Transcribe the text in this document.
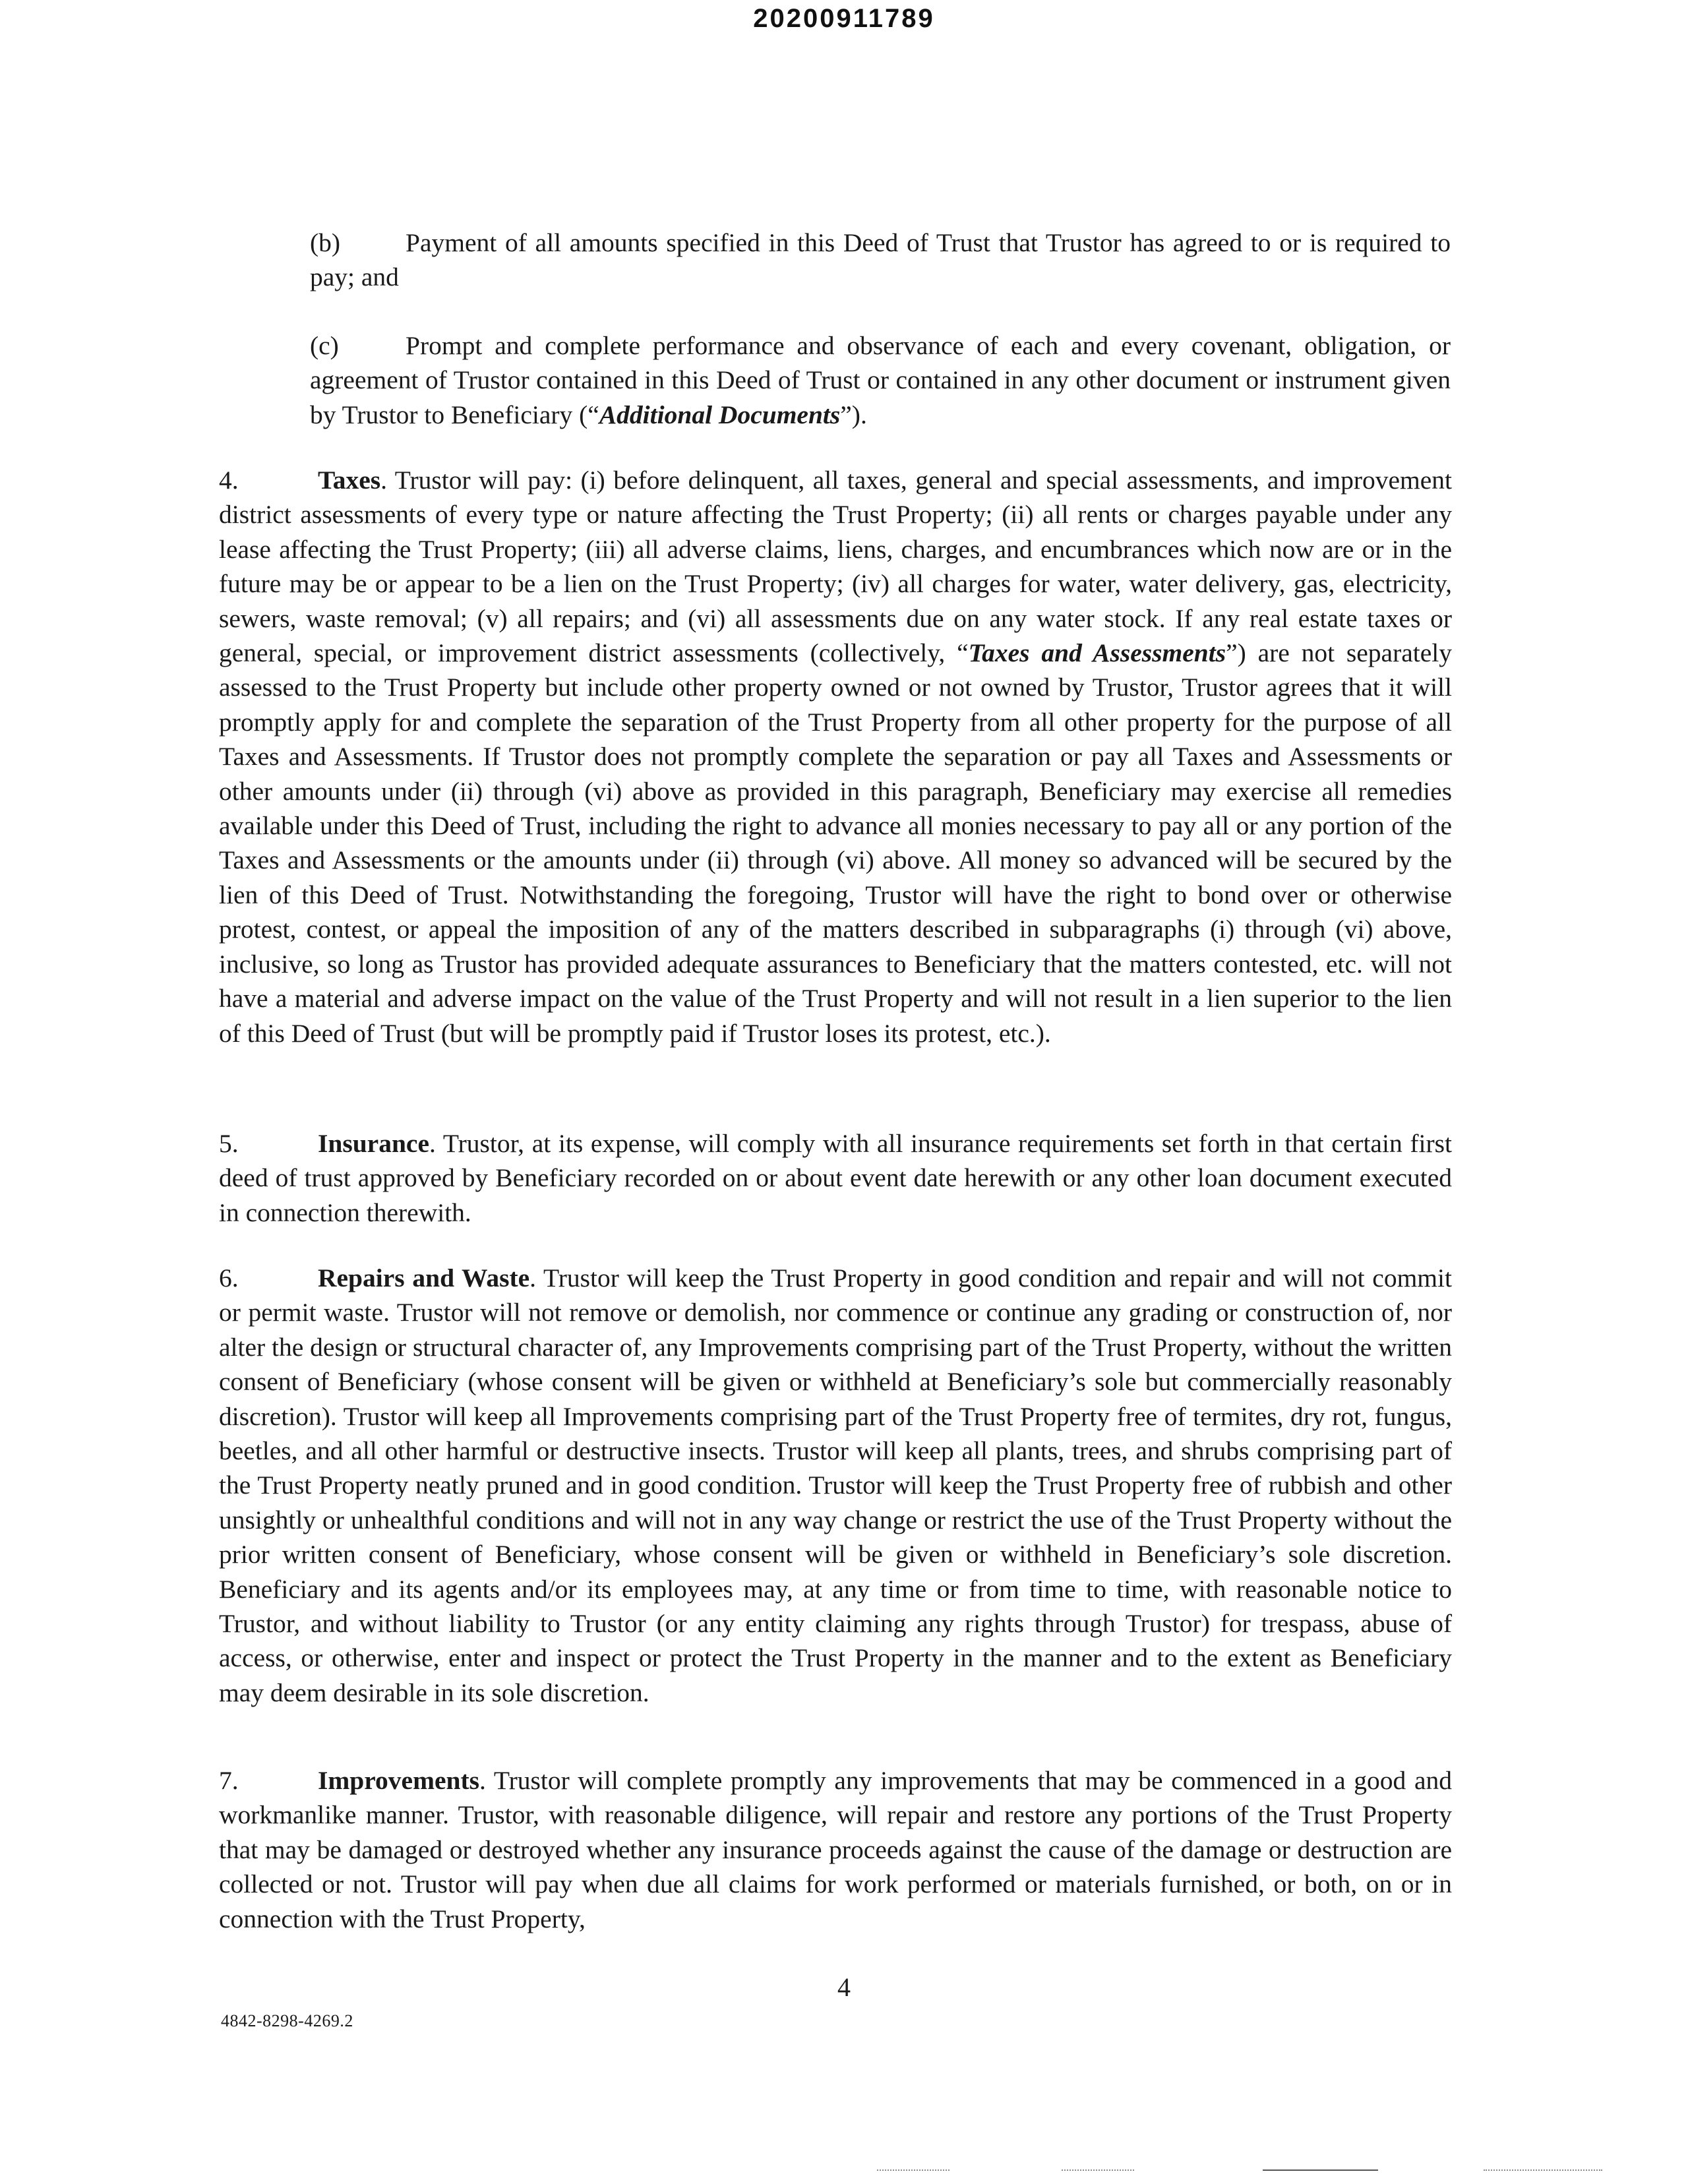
20200911789
(b)	Payment of all amounts specified in this Deed of Trust that Trustor has agreed to or is required to pay; and
(c)	Prompt and complete performance and observance of each and every covenant, obligation, or agreement of Trustor contained in this Deed of Trust or contained in any other document or instrument given by Trustor to Beneficiary (“Additional Documents”).

4.	Taxes. Trustor will pay: (i) before delinquent, all taxes, general and special assessments, and improvement district assessments of every type or nature affecting the Trust Property; (ii) all rents or charges payable under any lease affecting the Trust Property; (iii) all adverse claims, liens, charges, and encumbrances which now are or in the future may be or appear to be a lien on the Trust Property; (iv) all charges for water, water delivery, gas, electricity, sewers, waste removal; (v) all repairs; and (vi) all assessments due on any water stock. If any real estate taxes or general, special, or improvement district assessments (collectively, “Taxes and Assessments”) are not separately assessed to the Trust Property but include other property owned or not owned by Trustor, Trustor agrees that it will promptly apply for and complete the separation of the Trust Property from all other property for the purpose of all Taxes and Assessments. If Trustor does not promptly complete the separation or pay all Taxes and Assessments or other amounts under (ii) through (vi) above as provided in this paragraph, Beneficiary may exercise all remedies available under this Deed of Trust, including the right to advance all monies necessary to pay all or any portion of the Taxes and Assessments or the amounts under (ii) through (vi) above. All money so advanced will be secured by the lien of this Deed of Trust. Notwithstanding the foregoing, Trustor will have the right to bond over or otherwise protest, contest, or appeal the imposition of any of the matters described in subparagraphs (i) through (vi) above, inclusive, so long as Trustor has provided adequate assurances to Beneficiary that the matters contested, etc. will not have a material and adverse impact on the value of the Trust Property and will not result in a lien superior to the lien of this Deed of Trust (but will be promptly paid if Trustor loses its protest, etc.).

5.	Insurance. Trustor, at its expense, will comply with all insurance requirements set forth in that certain first deed of trust approved by Beneficiary recorded on or about event date herewith or any other loan document executed in connection therewith.

6.	Repairs and Waste. Trustor will keep the Trust Property in good condition and repair and will not commit or permit waste. Trustor will not remove or demolish, nor commence or continue any grading or construction of, nor alter the design or structural character of, any Improvements comprising part of the Trust Property, without the written consent of Beneficiary (whose consent will be given or withheld at Beneficiary’s sole but commercially reasonably discretion). Trustor will keep all Improvements comprising part of the Trust Property free of termites, dry rot, fungus, beetles, and all other harmful or destructive insects. Trustor will keep all plants, trees, and shrubs comprising part of the Trust Property neatly pruned and in good condition. Trustor will keep the Trust Property free of rubbish and other unsightly or unhealthful conditions and will not in any way change or restrict the use of the Trust Property without the prior written consent of Beneficiary, whose consent will be given or withheld in Beneficiary’s sole discretion. Beneficiary and its agents and/or its employees may, at any time or from time to time, with reasonable notice to Trustor, and without liability to Trustor (or any entity claiming any rights through Trustor) for trespass, abuse of access, or otherwise, enter and inspect or protect the Trust Property in the manner and to the extent as Beneficiary may deem desirable in its sole discretion.

7.	Improvements. Trustor will complete promptly any improvements that may be commenced in a good and workmanlike manner. Trustor, with reasonable diligence, will repair and restore any portions of the Trust Property that may be damaged or destroyed whether any insurance proceeds against the cause of the damage or destruction are collected or not. Trustor will pay when due all claims for work performed or materials furnished, or both, on or in connection with the Trust Property,

4
4842-8298-4269.2
